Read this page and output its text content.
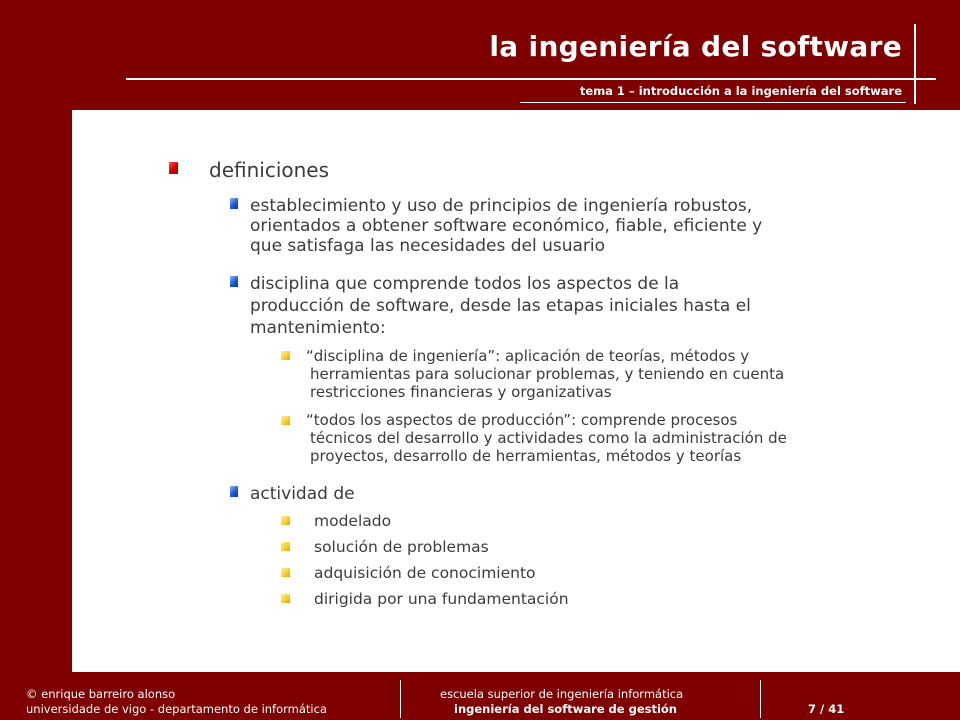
la ingeniería del software
tema 1 – introducción a la ingeniería del software
definiciones
establecimiento y uso de principios de ingeniería robustos,
orientados a obtener software económico, fiable, eficiente y
que satisfaga las necesidades del usuario
disciplina que comprende todos los aspectos de la
producción de software, desde las etapas iniciales hasta el
mantenimiento:
“disciplina de ingeniería”: aplicación de teorías, métodos y
herramientas para solucionar problemas, y teniendo en cuenta
restricciones financieras y organizativas
“todos los aspectos de producción”: comprende procesos
técnicos del desarrollo y actividades como la administración de
proyectos, desarrollo de herramientas, métodos y teorías
actividad de
modelado
solución de problemas
adquisición de conocimiento
dirigida por una fundamentación
© enrique barreiro alonso
universidade de vigo - departamento de informática
escuela superior de ingeniería informática
ingeniería del software de gestión	7 / 41
